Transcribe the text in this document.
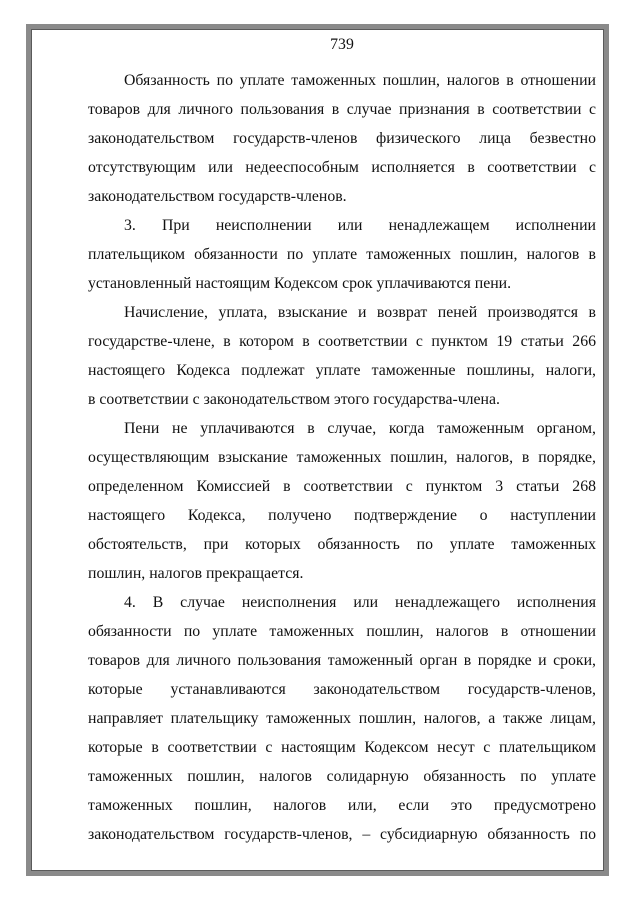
739
Обязанность по уплате таможенных пошлин, налогов в отношении
товаров для личного пользования в случае признания в соответствии с
законодательством государств-членов физического лица безвестно
отсутствующим или недееспособным исполняется в соответствии с
законодательством государств-членов.
3. При неисполнении или ненадлежащем исполнении
плательщиком обязанности по уплате таможенных пошлин, налогов в
установленный настоящим Кодексом срок уплачиваются пени.
Начисление, уплата, взыскание и возврат пеней производятся в
государстве-члене, в котором в соответствии с пунктом 19 статьи 266
настоящего Кодекса подлежат уплате таможенные пошлины, налоги,
в соответствии с законодательством этого государства-члена.
Пени не уплачиваются в случае, когда таможенным органом,
осуществляющим взыскание таможенных пошлин, налогов, в порядке,
определенном Комиссией в соответствии с пунктом 3 статьи 268
настоящего Кодекса, получено подтверждение о наступлении
обстоятельств, при которых обязанность по уплате таможенных
пошлин, налогов прекращается.
4. В случае неисполнения или ненадлежащего исполнения
обязанности по уплате таможенных пошлин, налогов в отношении
товаров для личного пользования таможенный орган в порядке и сроки,
которые устанавливаются законодательством государств-членов,
направляет плательщику таможенных пошлин, налогов, а также лицам,
которые в соответствии с настоящим Кодексом несут с плательщиком
таможенных пошлин, налогов солидарную обязанность по уплате
таможенных пошлин, налогов или, если это предусмотрено
законодательством государств-членов, – субсидиарную обязанность по
